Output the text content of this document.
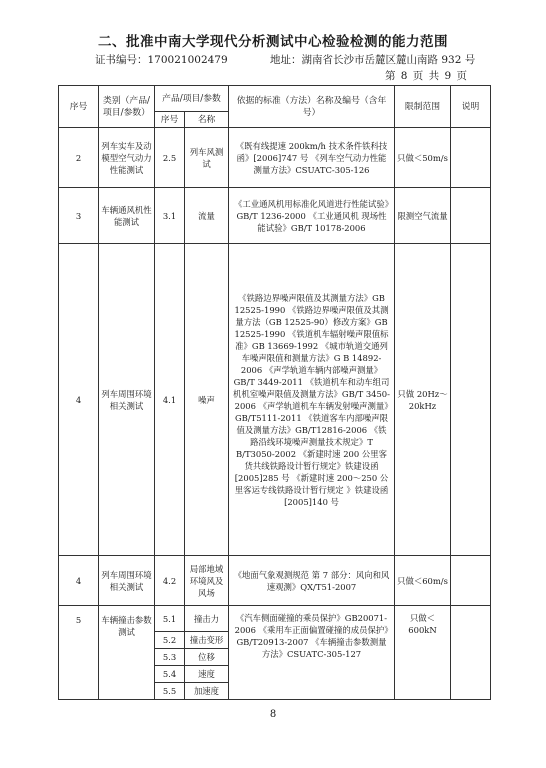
二、批准中南大学现代分析测试中心检验检测的能力范围
证书编号：170021002479	地址：湖南省长沙市岳麓区麓山南路 932 号
第 8 页 共 9 页
序号	类别（产品/项目/参数）	产品/项目/参数		依据的标准（方法）名称及编号（含年号）	限制范围	说明
		序号	名称			
2	列车实车及动模型空气动力性能测试	2.5	列车风测试	《既有线提速 200km/h 技术条件铁科技函》[2006]747 号 《列车空气动力性能测量方法》CSUATC-305-126	只做＜50m/s	
3	车辆通风机性能测试	3.1	流量	《工业通风机用标准化风道进行性能试验》GB/T 1236-2000 《工业通风机 现场性能试验》GB/T 10178-2006	限测空气流量	
4	列车周围环境相关测试	4.1	噪声	《铁路边界噪声限值及其测量方法》GB 12525-1990 《铁路边界噪声限值及其测量方法（GB 12525-90）修改方案》GB 12525-1990 《铁道机车辐射噪声限值标准》GB 13669-1992 《城市轨道交通列车噪声限值和测量方法》G B 14892-2006 《声学轨道车辆内部噪声测量》GB/T 3449-2011 《铁道机车和动车组司机机室噪声限值及测量方法》GB/T 3450-2006 《声学轨道机车车辆发射噪声测量》GB/T5111-2011 《铁道客车内部噪声限值及测量方法》GB/T12816-2006 《铁路沿线环境噪声测量技术规定》T B/T3050-2002 《新建时速 200 公里客货共线铁路设计暂行规定》铁建设函 [2005]285 号 《新建时速 200～250 公里客运专线铁路设计暂行规定 》铁建设函 [2005]140 号	只做 20Hz～20kHz	
4	列车周围环境相关测试	4.2	局部地域环境风及风场	《地面气象观测规范 第 7 部分：风向和风速观测》QX/T51-2007	只做＜60m/s	
5	车辆撞击参数测试	5.1	撞击力	《汽车侧面碰撞的乘员保护》GB20071-2006 《乘用车正面偏置碰撞的成员保护》GB/T20913-2007 《车辆撞击参数测量方法》CSUATC-305-127	只做＜600kN	
		5.2	撞击变形			
		5.3	位移			
		5.4	速度			
		5.5	加速度			
8
